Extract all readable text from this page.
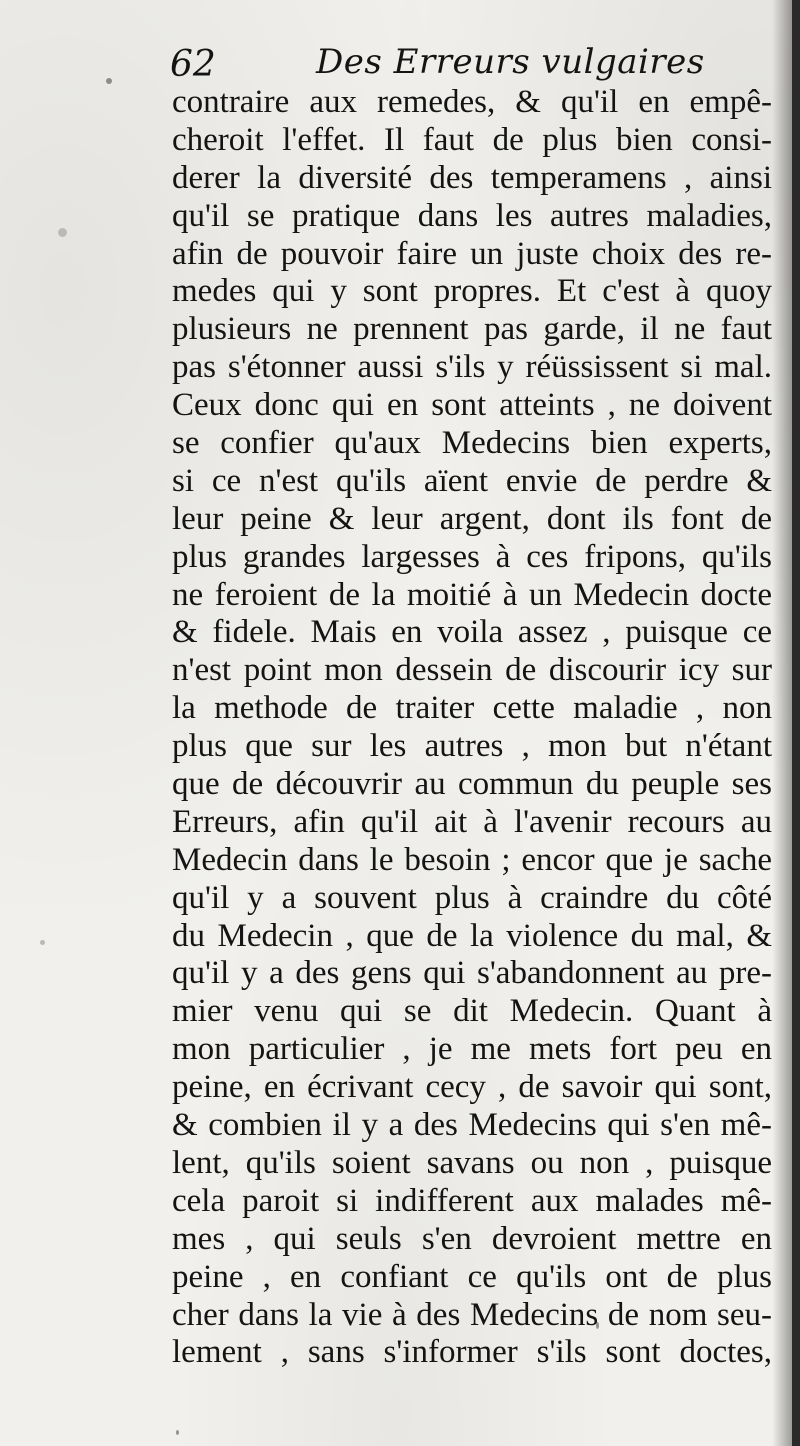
62	Des Erreurs vulgaires
contraire aux remedes, & qu'il en empê-
cheroit l'effet. Il faut de plus bien consi-
derer la diversité des temperamens , ainsi
qu'il se pratique dans les autres maladies,
afin de pouvoir faire un juste choix des re-
medes qui y sont propres. Et c'est à quoy
plusieurs ne prennent pas garde, il ne faut
pas s'étonner aussi s'ils y réüssissent si mal.
Ceux donc qui en sont atteints , ne doivent
se confier qu'aux Medecins bien experts,
si ce n'est qu'ils aïent envie de perdre &
leur peine & leur argent, dont ils font de
plus grandes largesses à ces fripons, qu'ils
ne feroient de la moitié à un Medecin docte
& fidele. Mais en voila assez , puisque ce
n'est point mon dessein de discourir icy sur
la methode de traiter cette maladie , non
plus que sur les autres , mon but n'étant
que de découvrir au commun du peuple ses
Erreurs, afin qu'il ait à l'avenir recours au
Medecin dans le besoin ; encor que je sache
qu'il y a souvent plus à craindre du côté
du Medecin , que de la violence du mal, &
qu'il y a des gens qui s'abandonnent au pre-
mier venu qui se dit Medecin. Quant à
mon particulier , je me mets fort peu en
peine, en écrivant cecy , de savoir qui sont,
& combien il y a des Medecins qui s'en mê-
lent, qu'ils soient savans ou non , puisque
cela paroit si indifferent aux malades mê-
mes , qui seuls s'en devroient mettre en
peine , en confiant ce qu'ils ont de plus
cher dans la vie à des Medecins de nom seu-
lement , sans s'informer s'ils sont doctes,
